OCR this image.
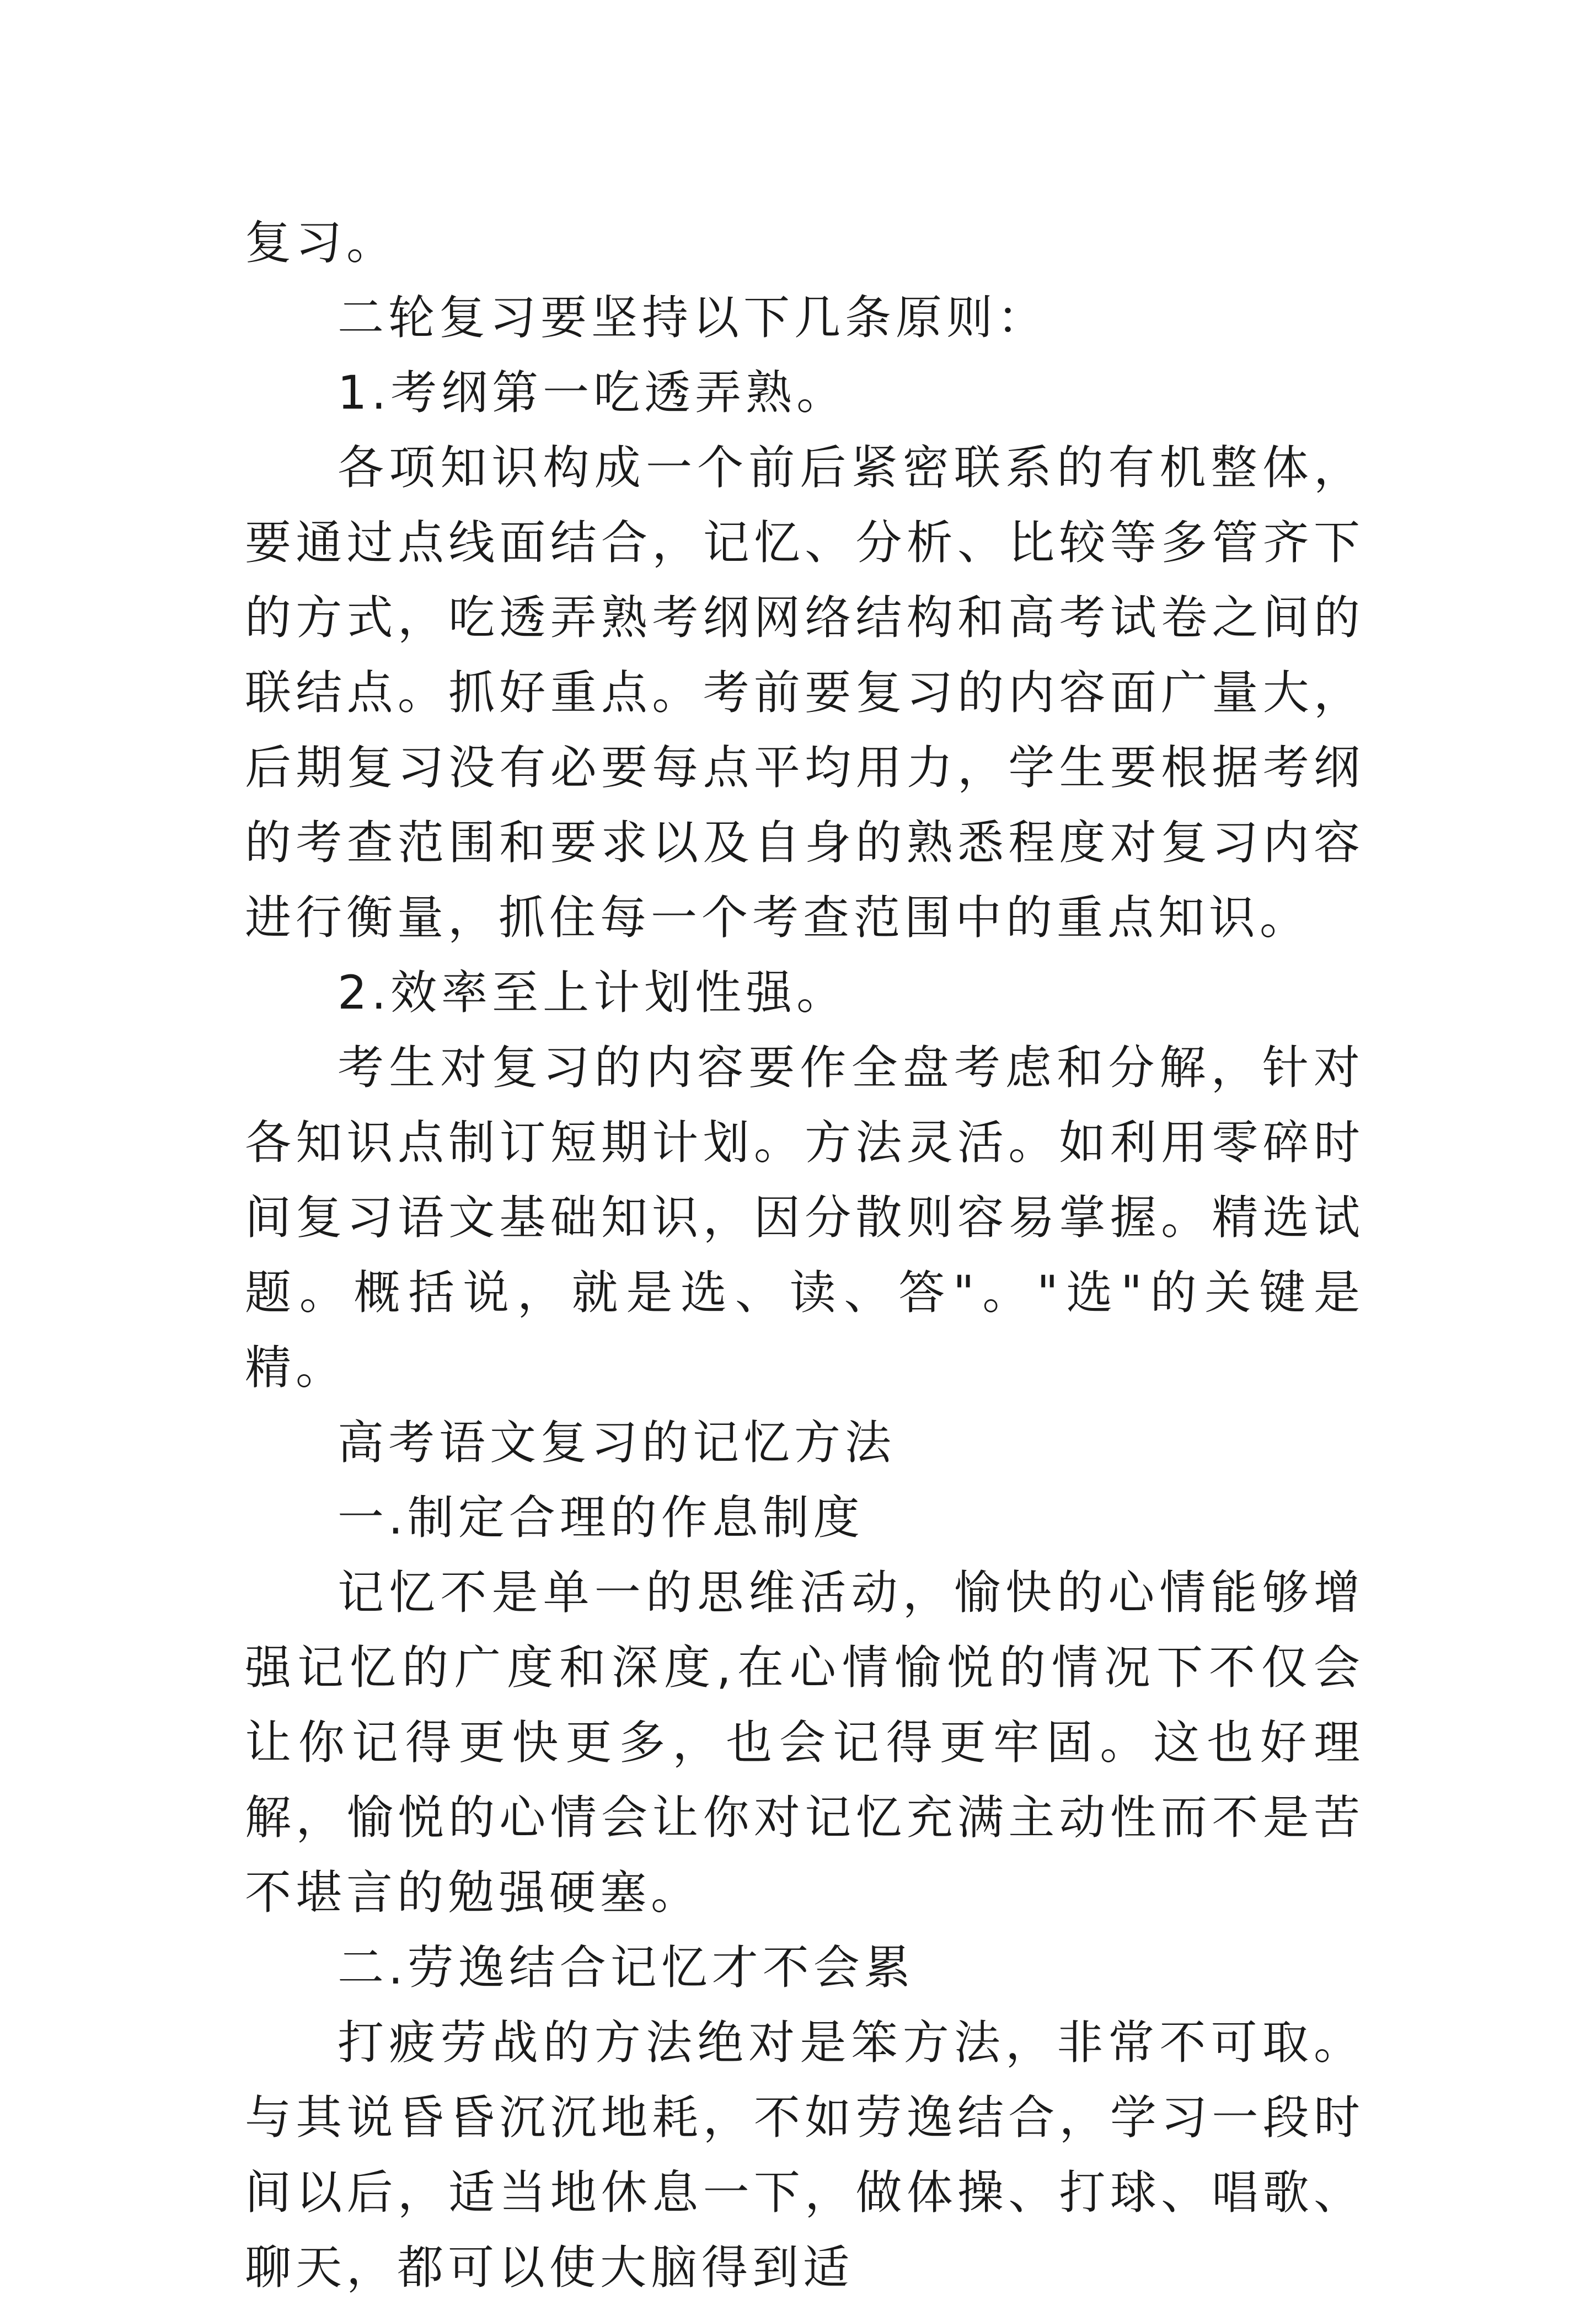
复习。

二轮复习要坚持以下几条原则：

1.考纲第一吃透弄熟。

各项知识构成一个前后紧密联系的有机整体，要通过点线面结合，记忆、分析、比较等多管齐下的方式，吃透弄熟考纲网络结构和高考试卷之间的联结点。抓好重点。考前要复习的内容面广量大，后期复习没有必要每点平均用力，学生要根据考纲的考查范围和要求以及自身的熟悉程度对复习内容进行衡量，抓住每一个考查范围中的重点知识。

2.效率至上计划性强。

考生对复习的内容要作全盘考虑和分解，针对各知识点制订短期计划。方法灵活。如利用零碎时间复习语文基础知识，因分散则容易掌握。精选试题。概括说，就是选、读、答"。"选"的关键是精。

高考语文复习的记忆方法

一.制定合理的作息制度

记忆不是单一的思维活动，愉快的心情能够增强记忆的广度和深度,在心情愉悦的情况下不仅会让你记得更快更多，也会记得更牢固。这也好理解，愉悦的心情会让你对记忆充满主动性而不是苦不堪言的勉强硬塞。

二.劳逸结合记忆才不会累

打疲劳战的方法绝对是笨方法，非常不可取。与其说昏昏沉沉地耗，不如劳逸结合，学习一段时间以后，适当地休息一下，做体操、打球、唱歌、聊天，都可以使大脑得到适
